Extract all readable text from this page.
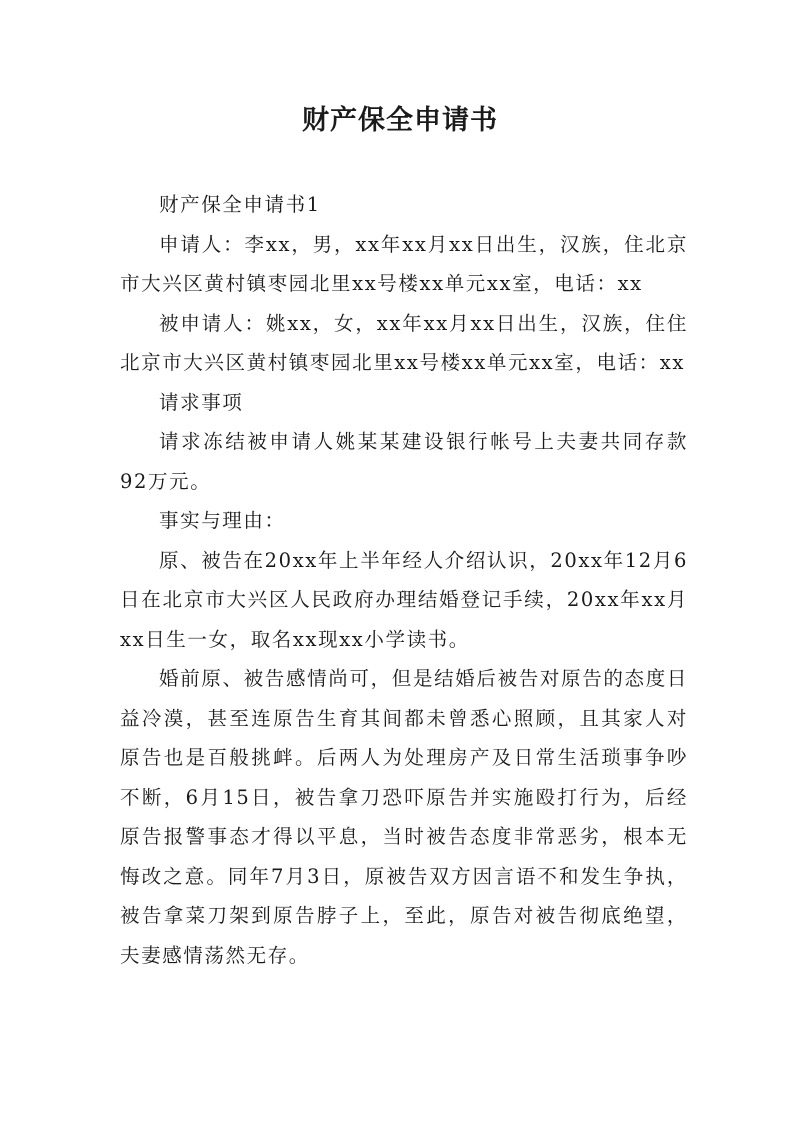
财产保全申请书

财产保全申请书1

申请人：李xx，男，xx年xx月xx日出生，汉族，住北京市大兴区黄村镇枣园北里xx号楼xx单元xx室，电话：xx

被申请人：姚xx，女，xx年xx月xx日出生，汉族，住住北京市大兴区黄村镇枣园北里xx号楼xx单元xx室，电话：xx

请求事项

请求冻结被申请人姚某某建设银行帐号上夫妻共同存款92万元。

事实与理由：

原、被告在20xx年上半年经人介绍认识，20xx年12月6日在北京市大兴区人民政府办理结婚登记手续，20xx年xx月xx日生一女，取名xx现xx小学读书。

婚前原、被告感情尚可，但是结婚后被告对原告的态度日益冷漠，甚至连原告生育其间都未曾悉心照顾，且其家人对原告也是百般挑衅。后两人为处理房产及日常生活琐事争吵不断，6月15日，被告拿刀恐吓原告并实施殴打行为，后经原告报警事态才得以平息，当时被告态度非常恶劣，根本无悔改之意。同年7月3日，原被告双方因言语不和发生争执，被告拿菜刀架到原告脖子上，至此，原告对被告彻底绝望，夫妻感情荡然无存。
